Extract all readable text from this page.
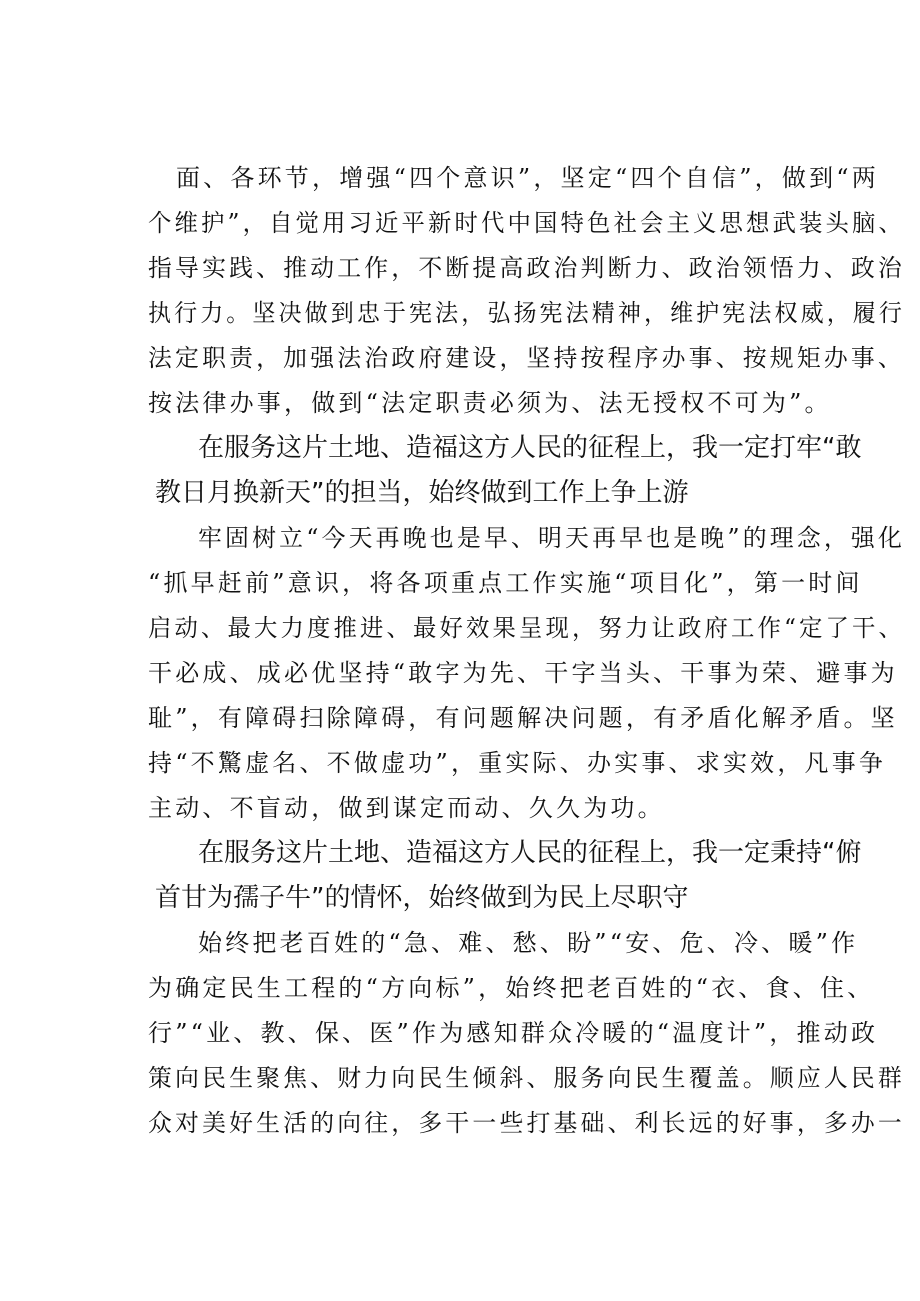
面、各环节，增强“四个意识”，坚定“四个自信”，做到“两
个维护”，自觉用习近平新时代中国特色社会主义思想武装头脑、
指导实践、推动工作，不断提高政治判断力、政治领悟力、政治
执行力。坚决做到忠于宪法，弘扬宪法精神，维护宪法权威，履行
法定职责，加强法治政府建设，坚持按程序办事、按规矩办事、
按法律办事，做到“法定职责必须为、法无授权不可为”。
在服务这片土地、造福这方人民的征程上，我一定打牢“敢
教日月换新天”的担当，始终做到工作上争上游
牢固树立“今天再晚也是早、明天再早也是晚”的理念，强化
“抓早赶前”意识，将各项重点工作实施“项目化”，第一时间
启动、最大力度推进、最好效果呈现，努力让政府工作“定了干、
干必成、成必优坚持“敢字为先、干字当头、干事为荣、避事为
耻”，有障碍扫除障碍，有问题解决问题，有矛盾化解矛盾。坚
持“不驚虚名、不做虚功”，重实际、办实事、求实效，凡事争
主动、不盲动，做到谋定而动、久久为功。
在服务这片土地、造福这方人民的征程上，我一定秉持“俯
首甘为孺子牛”的情怀，始终做到为民上尽职守
始终把老百姓的“急、难、愁、盼”“安、危、冷、暖”作
为确定民生工程的“方向标”，始终把老百姓的“衣、食、住、
行”“业、教、保、医”作为感知群众冷暖的“温度计”，推动政
策向民生聚焦、财力向民生倾斜、服务向民生覆盖。顺应人民群
众对美好生活的向往，多干一些打基础、利长远的好事，多办一
